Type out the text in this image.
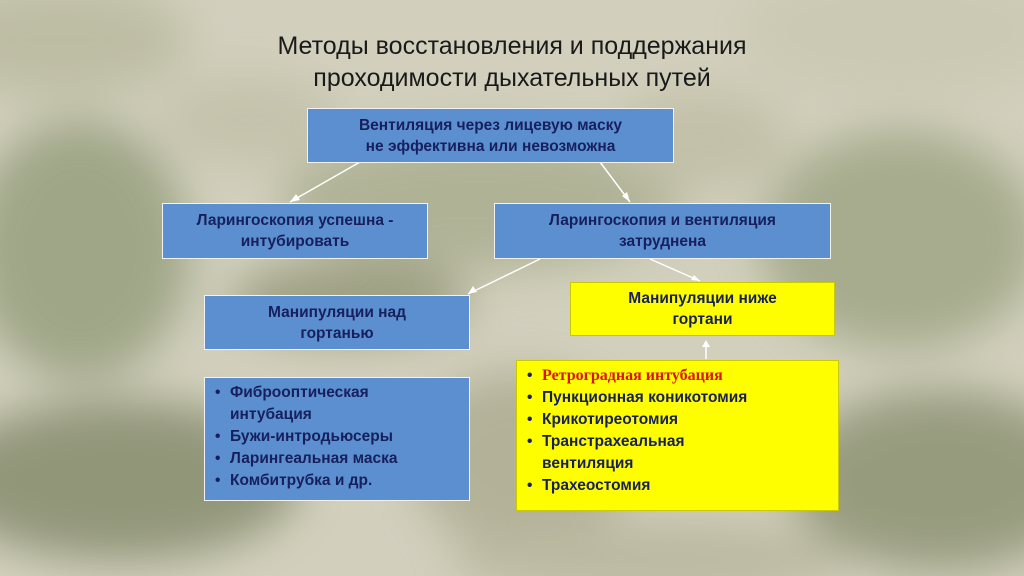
Методы восстановления и поддержания
проходимости дыхательных путей
Вентиляция через лицевую маску
не эффективна или невозможна
Ларингоскопия успешна -
интубировать
Ларингоскопия и вентиляция
затруднена
Манипуляции над
гортанью
Манипуляции ниже
гортани
• Фиброоптическая
интубация
• Бужи-интродьюсеры
• Ларингеальная маска
• Комбитрубка и др.
• Ретроградная интубация
• Пункционная коникотомия
• Крикотиреотомия
• Транстрахеальная
вентиляция
• Трахеостомия
